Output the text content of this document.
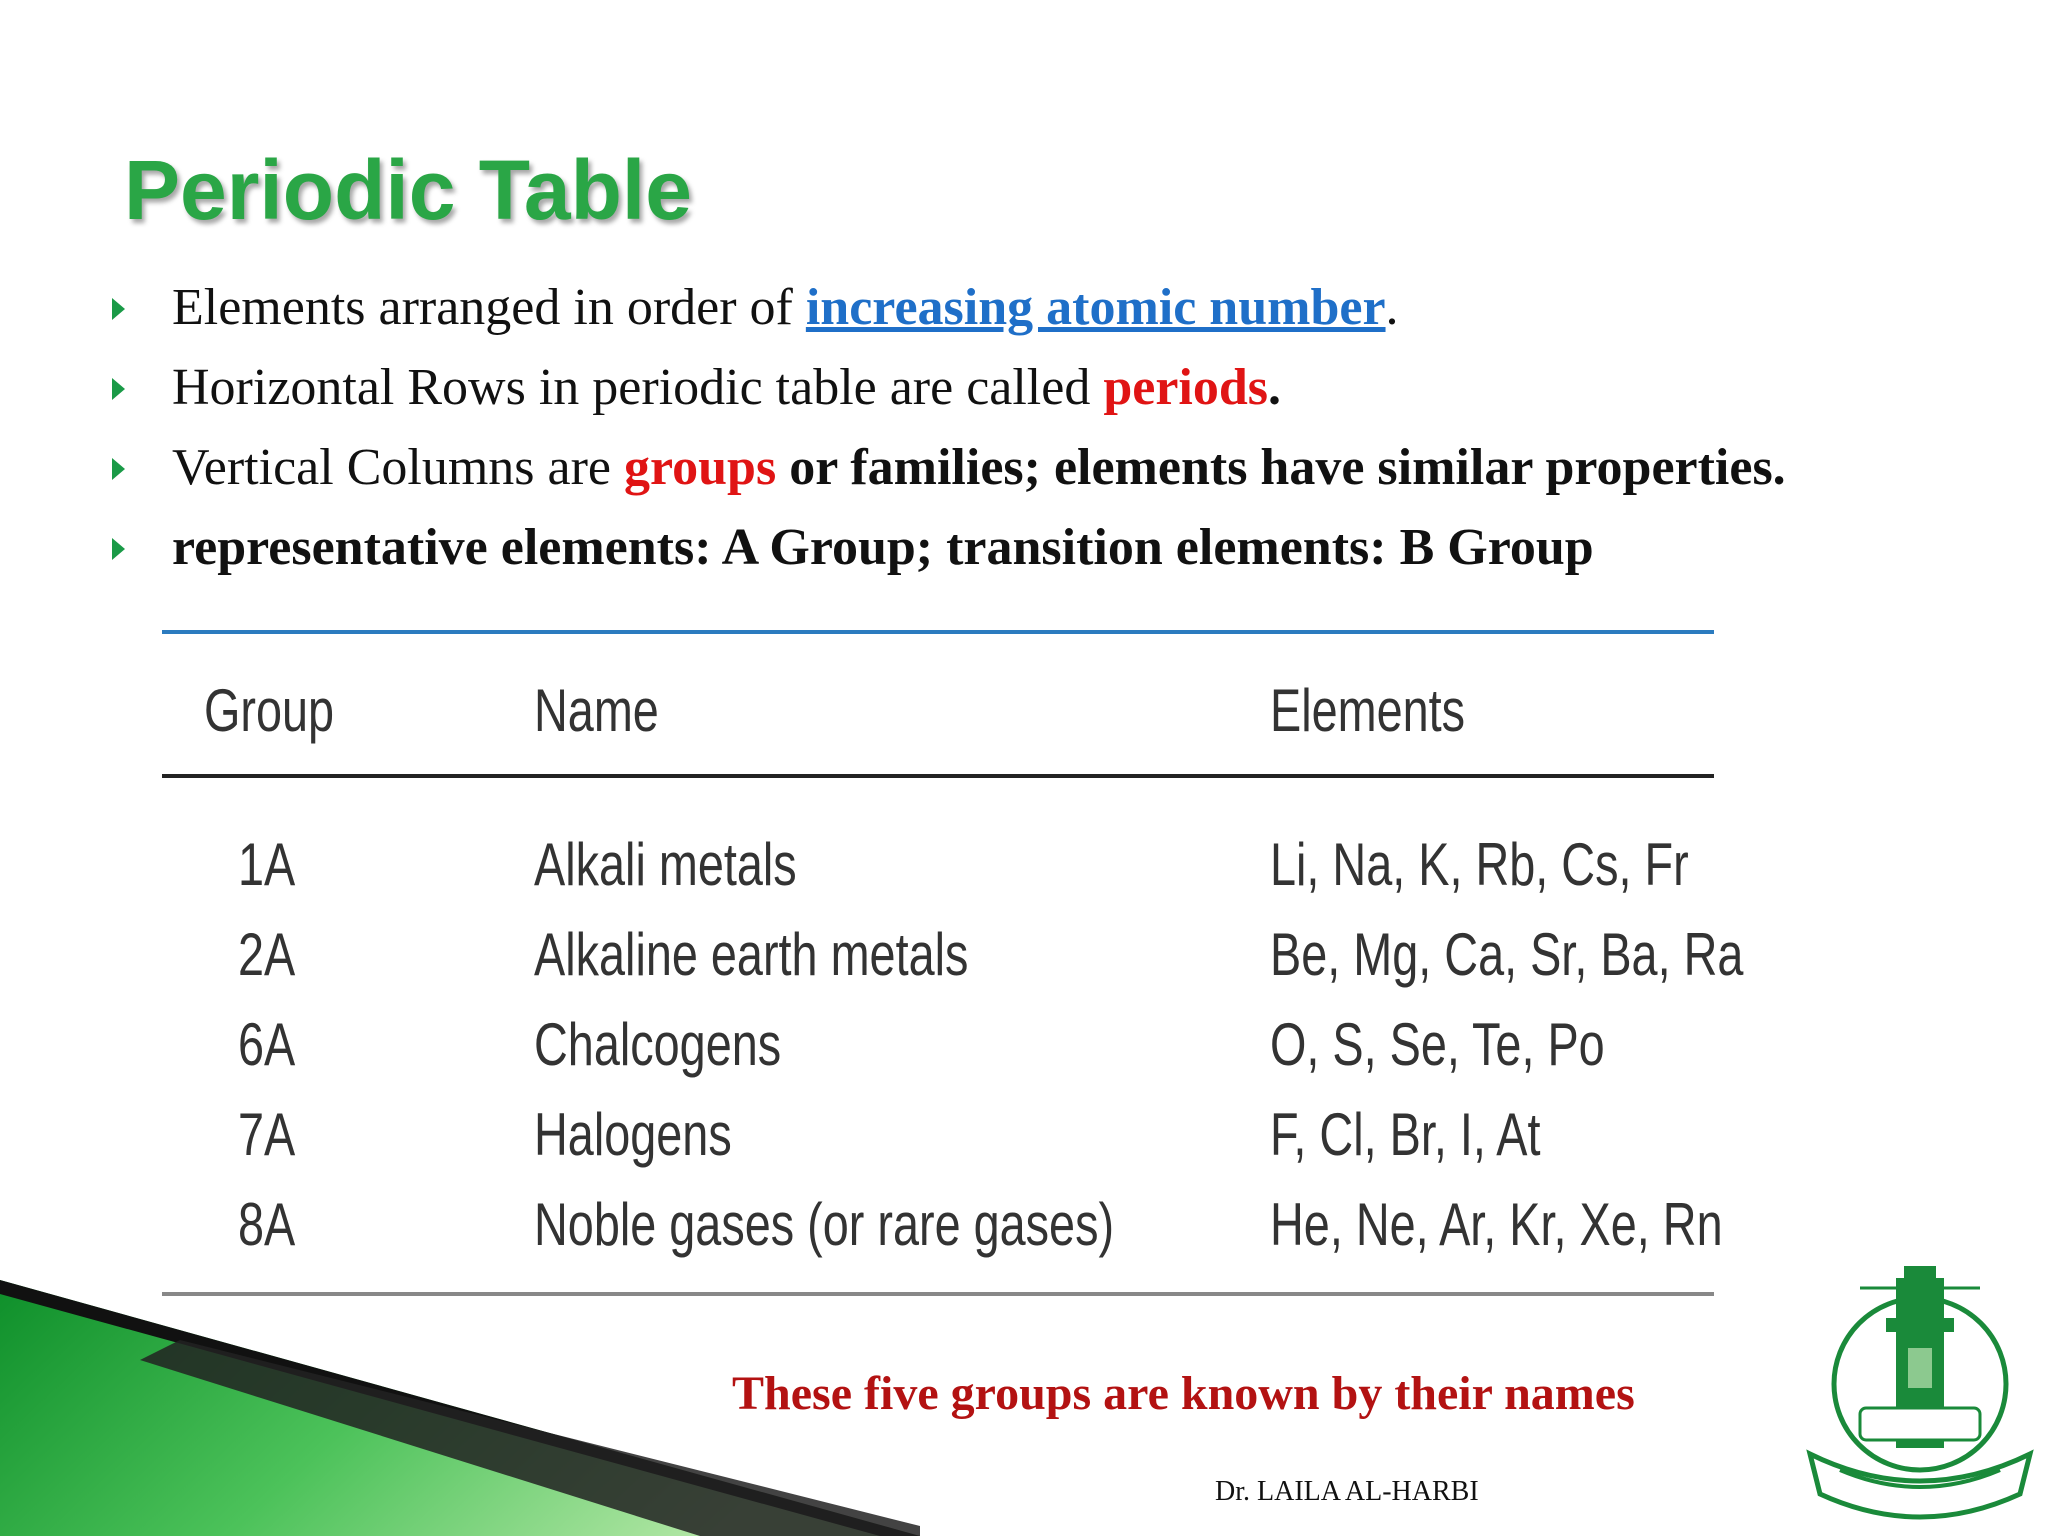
Periodic Table
Elements arranged in order of increasing atomic number.
Horizontal Rows in periodic table are called periods.
Vertical Columns are groups or families; elements have similar properties.
representative elements: A Group; transition elements: B Group
Group	Name	Elements
1A	Alkali metals	Li, Na, K, Rb, Cs, Fr
2A	Alkaline earth metals	Be, Mg, Ca, Sr, Ba, Ra
6A	Chalcogens	O, S, Se, Te, Po
7A	Halogens	F, Cl, Br, I, At
8A	Noble gases (or rare gases)	He, Ne, Ar, Kr, Xe, Rn
These five groups are known by their names
Dr. LAILA AL-HARBI
